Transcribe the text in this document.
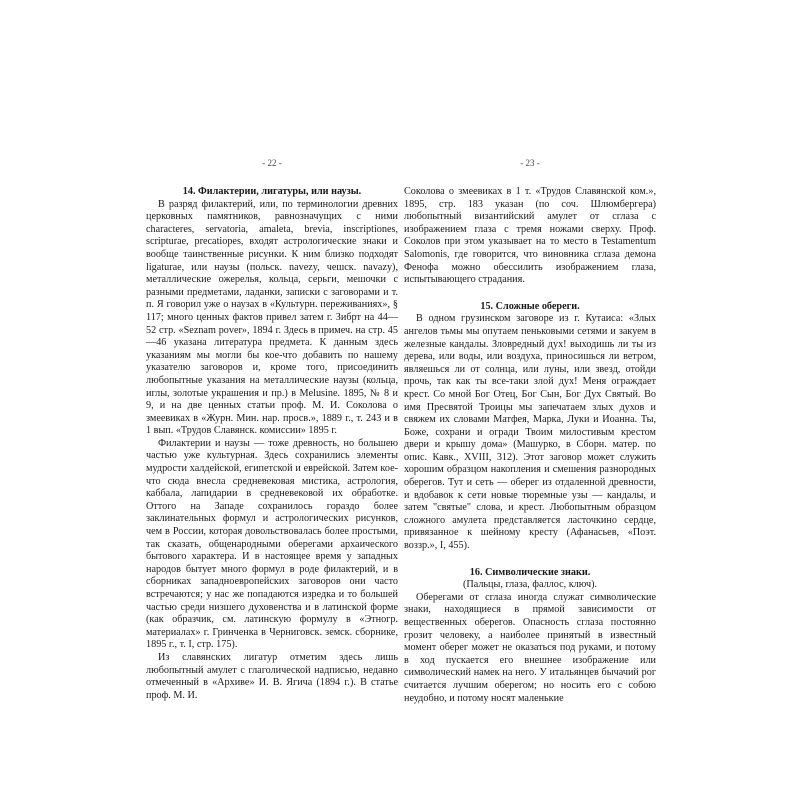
- 22 -	- 23 -
14. Филактерии, лигатуры, или наузы.

В разряд филактерий, или, по терминологии древних церковных памятников, равнозначущих с ними characteres, servatoria, amaleta, brevia, inscriptiones, scripturae, precatiopes, входят астрологические знаки и вообще таинственные рисунки. К ним близко подходят ligaturae, или наузы (польск. navezy, чешск. navazy), металлические ожерелья, кольца, серьги, мешочки с разными предметами, ладанки, записки с заговорами и т. п. Я говорил уже о наузах в «Культурн. переживаниях», § 117; много ценных фактов привел затем г. Зибрт на 44—52 стр. «Seznam pover», 1894 г. Здесь в примеч. на стр. 45—46 указана литература предмета. К данным здесь указаниям мы могли бы кое-что добавить по нашему указателю заговоров и, кроме того, присоединить любопытные указания на металлические наузы (кольца, иглы, золотые украшения и пр.) в Melusine. 1895, № 8 и 9, и на две ценных статьи проф. М. И. Соколова о змеевиках в «Журн. Мин. нар. просв.», 1889 г., т. 243 и в 1 вып. «Трудов Славянск. комиссии» 1895 г.

Филактерии и наузы — тоже древность, но большею частью уже культурная. Здесь сохранились элементы мудрости халдейской, египетской и еврейской. Затем кое-что сюда внесла средневековая мистика, астрология, каббала, лапидарии в средневековой их обработке. Оттого на Западе сохранилось гораздо более заклинательных формул и астрологических рисунков, чем в России, которая довольствовалась более простыми, так сказать, общенародными оберегами архаического бытового характера. И в настоящее время у западных народов бытует много формул в роде филактерий, и в сборниках западноевропейских заговоров они часто встречаются; у нас же попадаются изредка и то большей частью среди низшего духовенства и в латинской форме (как образчик, см. латинскую формулу в «Этногр. материалах» г. Гринченка в Черниговск. земск. сборнике, 1895 г., т. I, стр. 175).

Из славянских лигатур отметим здесь лишь любопытный амулет с глаголической надписью, недавно отмеченный в «Архиве» И. В. Ягича (1894 г.). В статье проф. М. И.

Соколова о змеевиках в 1 т. «Трудов Славянской ком.», 1895, стр. 183 указан (по соч. Шлюмбергера) любопытный византийский амулет от сглаза с изображением глаза с тремя ножами сверху. Проф. Соколов при этом указывает на то место в Testamentum Salomonis, где говорится, что виновника сглаза демона Фенофа можно обессилить изображением глаза, испытывающего страдания.

15. Сложные обереги.

В одном грузинском заговоре из г. Кутаиса: «Злых ангелов тьмы мы опутаем пеньковыми сетями и закуем в железные кандалы. Зловредный дух! выходишь ли ты из дерева, или воды, или воздуха, приносишься ли ветром, являешься ли от солнца, или луны, или звезд, отойди прочь, так как ты все-таки злой дух! Меня ограждает крест. Со мной Бог Отец, Бог Сын, Бог Дух Святый. Во имя Пресвятой Троицы мы запечатаем злых духов и свяжем их словами Матфея, Марка, Луки и Иоанна. Ты, Боже, сохрани и огради Твоим милостивым крестом двери и крышу дома» (Машурко, в Сборн. матер. по опис. Кавк., XVIII, 312). Этот заговор может служить хорошим образцом накопления и смешения разнородных оберегов. Тут и сеть — оберег из отдаленной древности, и вдобавок к сети новые тюремные узы — кандалы, и затем "святые" слова, и крест. Любопытным образцом сложного амулета представляется ласточкино сердце, привязанное к шейному кресту (Афанасьев, «Поэт. воззр.», I, 455).

16. Символические знаки.
(Пальцы, глаза, фаллос, ключ).

Оберегами от сглаза иногда служат символические знаки, находящиеся в прямой зависимости от вещественных оберегов. Опасность сглаза постоянно грозит человеку, а наиболее принятый в известный момент оберег может не оказаться под руками, и потому в ход пускается его внешнее изображение или символический намек на него. У итальянцев бычачий рог считается лучшим оберегом; но носить его с собою неудобно, и потому носят маленькие
